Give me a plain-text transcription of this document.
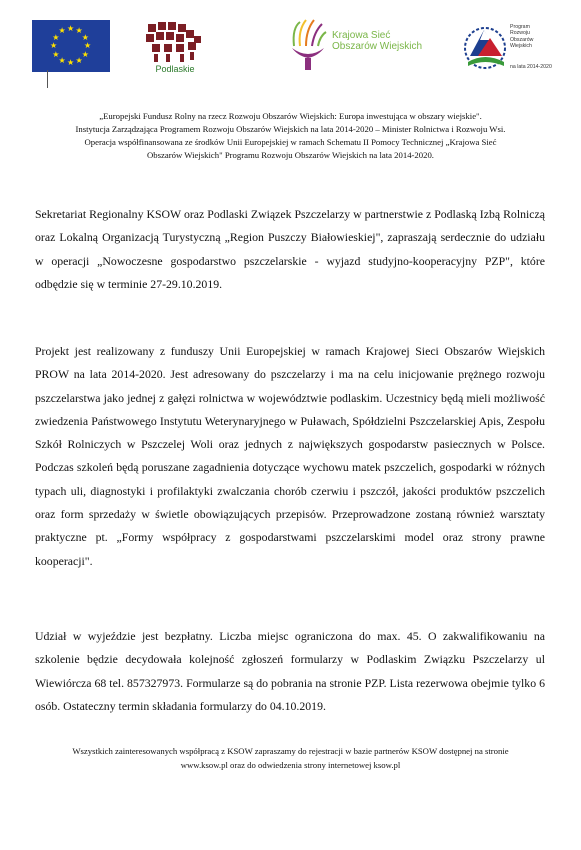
★ ★
★
★
★
★
★
★
★
★
★
★
Podlaskie
Krajowa Sieć
Obszarów Wiejskich
Program
Rozwoju
Obszarów
Wiejskich
na lata 2014-2020
„Europejski Fundusz Rolny na rzecz Rozwoju Obszarów Wiejskich: Europa inwestująca w obszary wiejskie".
Instytucja Zarządzająca Programem Rozwoju Obszarów Wiejskich na lata 2014-2020 – Minister Rolnictwa i Rozwoju Wsi.
Operacja współfinansowana ze środków Unii Europejskiej w ramach Schematu II Pomocy Technicznej „Krajowa Sieć
Obszarów Wiejskich" Programu Rozwoju Obszarów Wiejskich na lata 2014-2020.

Sekretariat Regionalny KSOW oraz Podlaski Związek Pszczelarzy w partnerstwie z Podlaską Izbą Rolniczą oraz Lokalną Organizacją Turystyczną „Region Puszczy Białowieskiej", zapraszają serdecznie do udziału w operacji „Nowoczesne gospodarstwo pszczelarskie - wyjazd studyjno-kooperacyjny PZP", które odbędzie się w terminie 27-29.10.2019.

Projekt jest realizowany z funduszy Unii Europejskiej w ramach Krajowej Sieci Obszarów Wiejskich PROW na lata 2014-2020. Jest adresowany do pszczelarzy i ma na celu inicjowanie prężnego rozwoju pszczelarstwa jako jednej z gałęzi rolnictwa w województwie podlaskim. Uczestnicy będą mieli możliwość zwiedzenia Państwowego Instytutu Weterynaryjnego w Puławach, Spółdzielni Pszczelarskiej Apis, Zespołu Szkół Rolniczych w Pszczelej Woli oraz jednych z największych gospodarstw pasiecznych w Polsce. Podczas szkoleń będą poruszane zagadnienia dotyczące wychowu matek pszczelich, gospodarki w różnych typach uli, diagnostyki i profilaktyki zwalczania chorób czerwiu i pszczół, jakości produktów pszczelich oraz form sprzedaży w świetle obowiązujących przepisów. Przeprowadzone zostaną również warsztaty praktyczne pt. „Formy współpracy z gospodarstwami pszczelarskimi model oraz strony prawne kooperacji".

Udział w wyjeździe jest bezpłatny. Liczba miejsc ograniczona do max. 45. O zakwalifikowaniu na szkolenie będzie decydowała kolejność zgłoszeń formularzy w Podlaskim Związku Pszczelarzy ul Wiewiórcza 68 tel. 857327973. Formularze są do pobrania na stronie PZP. Lista rezerwowa obejmie tylko 6 osób. Ostateczny termin składania formularzy do 04.10.2019.

Wszystkich zainteresowanych współpracą z KSOW zapraszamy do rejestracji w bazie partnerów KSOW dostępnej na stronie
www.ksow.pl oraz do odwiedzenia strony internetowej ksow.pl
